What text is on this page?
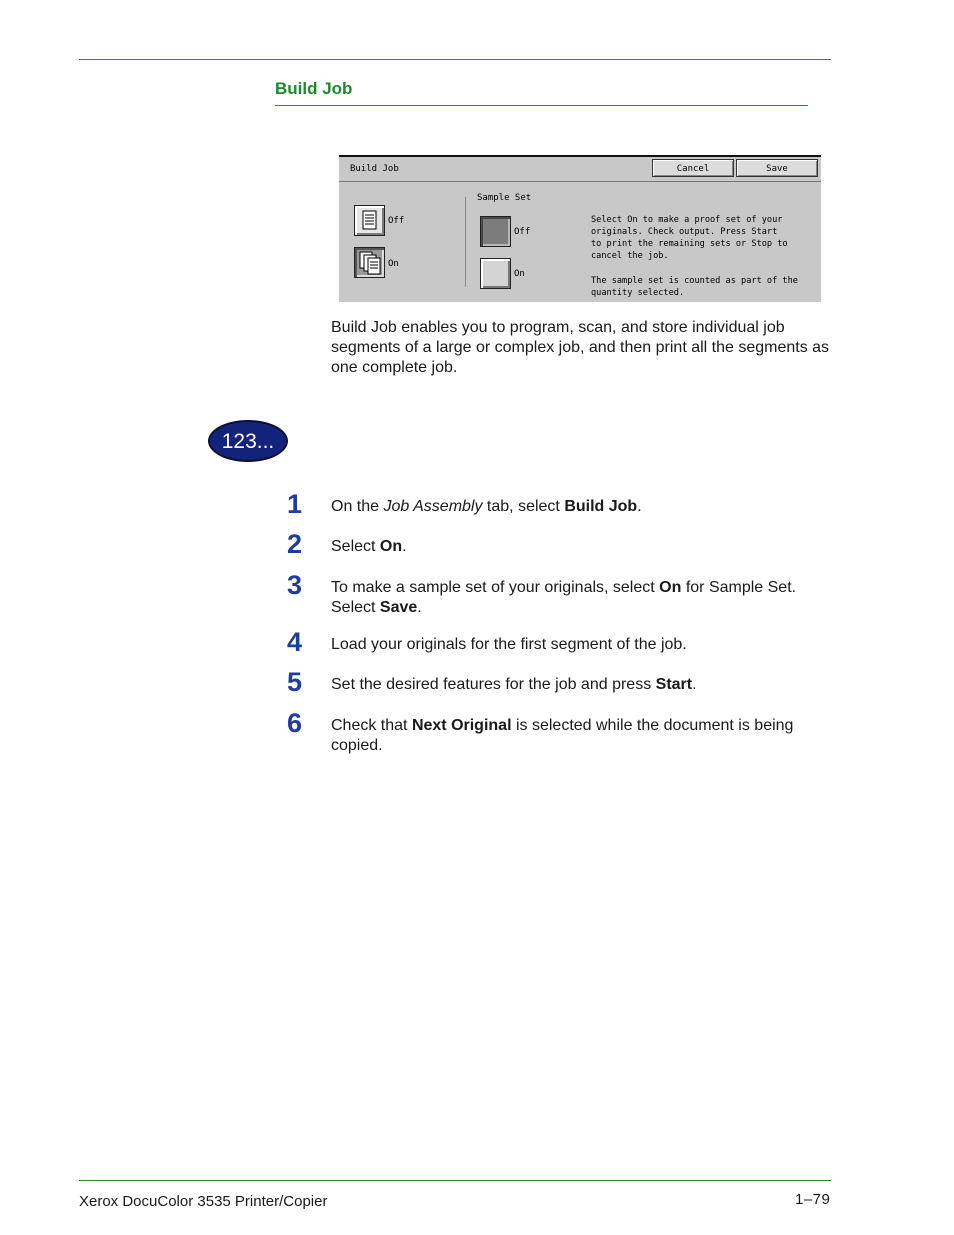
Build Job
Build Job	Cancel	Save
Off
On
Sample Set
Off
On
Select On to make a proof set of your
originals. Check output. Press Start
to print the remaining sets or Stop to
cancel the job.
The sample set is counted as part of the
quantity selected.
Build Job enables you to program, scan, and store individual job segments of a large or complex job, and then print all the segments as one complete job.
123...
1 On the Job Assembly tab, select Build Job.
2 Select On.
3 To make a sample set of your originals, select On for Sample Set. Select Save.
4 Load your originals for the first segment of the job.
5 Set the desired features for the job and press Start.
6 Check that Next Original is selected while the document is being copied.
Xerox DocuColor 3535 Printer/Copier	1–79
